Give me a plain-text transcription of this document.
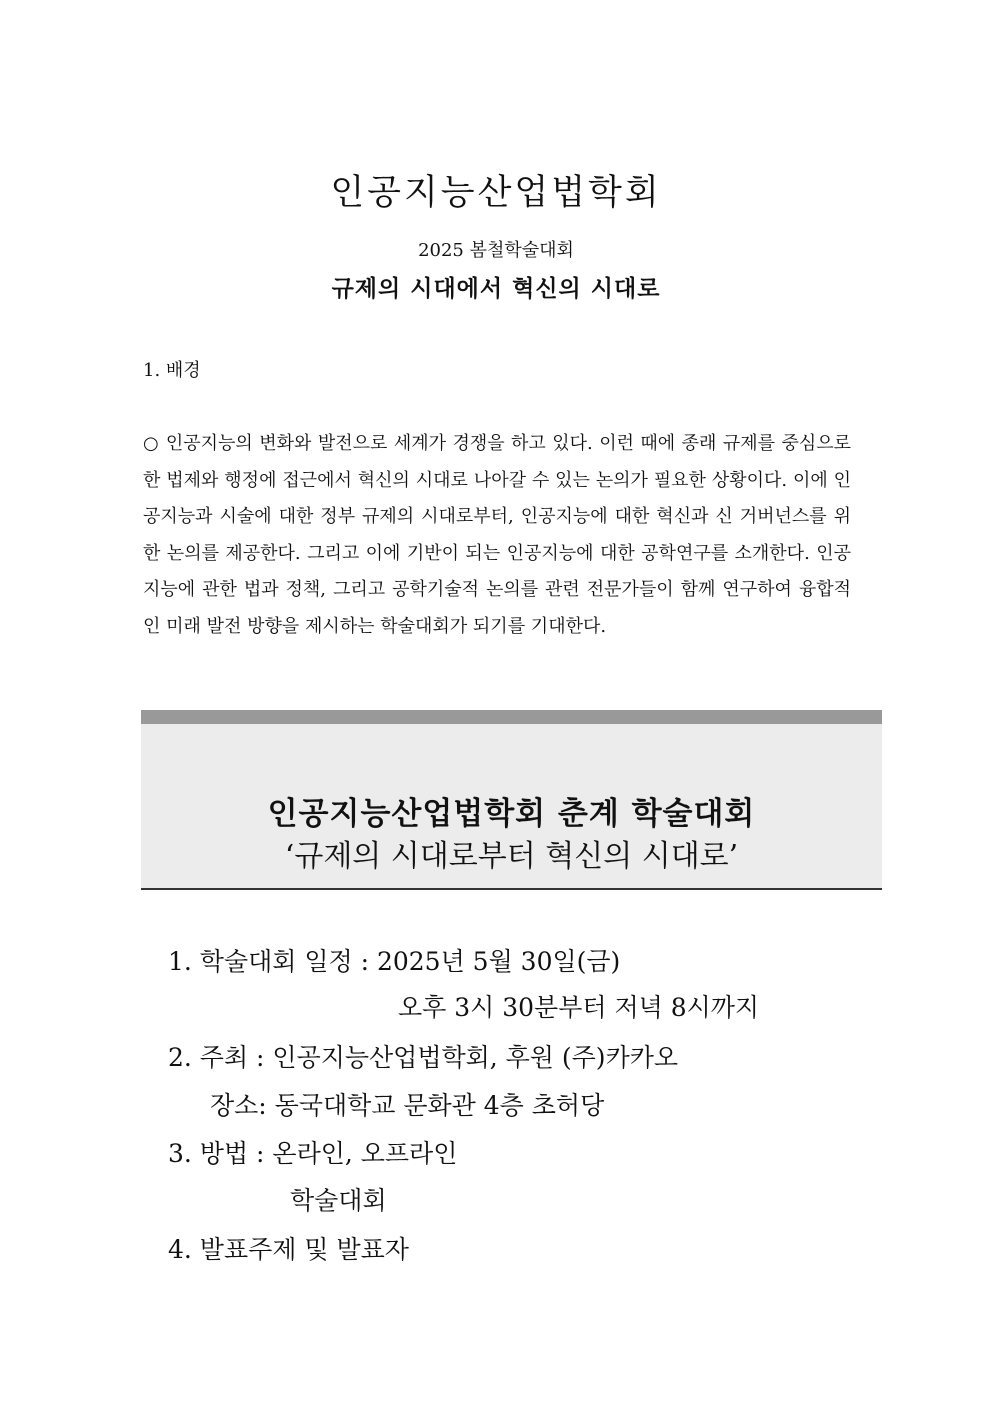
인공지능산업법학회
2025 봄철학술대회
규제의 시대에서 혁신의 시대로
1. 배경

○ 인공지능의 변화와 발전으로 세계가 경쟁을 하고 있다. 이런 때에 종래 규제를 중심으로 한 법제와 행정에 접근에서 혁신의 시대로 나아갈 수 있는 논의가 필요한 상황이다. 이에 인공지능과 시술에 대한 정부 규제의 시대로부터, 인공지능에 대한 혁신과 신 거버넌스를 위한 논의를 제공한다. 그리고 이에 기반이 되는 인공지능에 대한 공학연구를 소개한다. 인공지능에 관한 법과 정책, 그리고 공학기술적 논의를 관련 전문가들이 함께 연구하여 융합적인 미래 발전 방향을 제시하는 학술대회가 되기를 기대한다.

인공지능산업법학회 춘계 학술대회
‘규제의 시대로부터 혁신의 시대로’
1. 학술대회 일정 : 2025년 5월 30일(금)
오후 3시 30분부터 저녁 8시까지
2. 주최 : 인공지능산업법학회, 후원 (주)카카오
장소: 동국대학교 문화관 4층 초허당
3. 방법 : 온라인, 오프라인
학술대회
4. 발표주제 및 발표자
